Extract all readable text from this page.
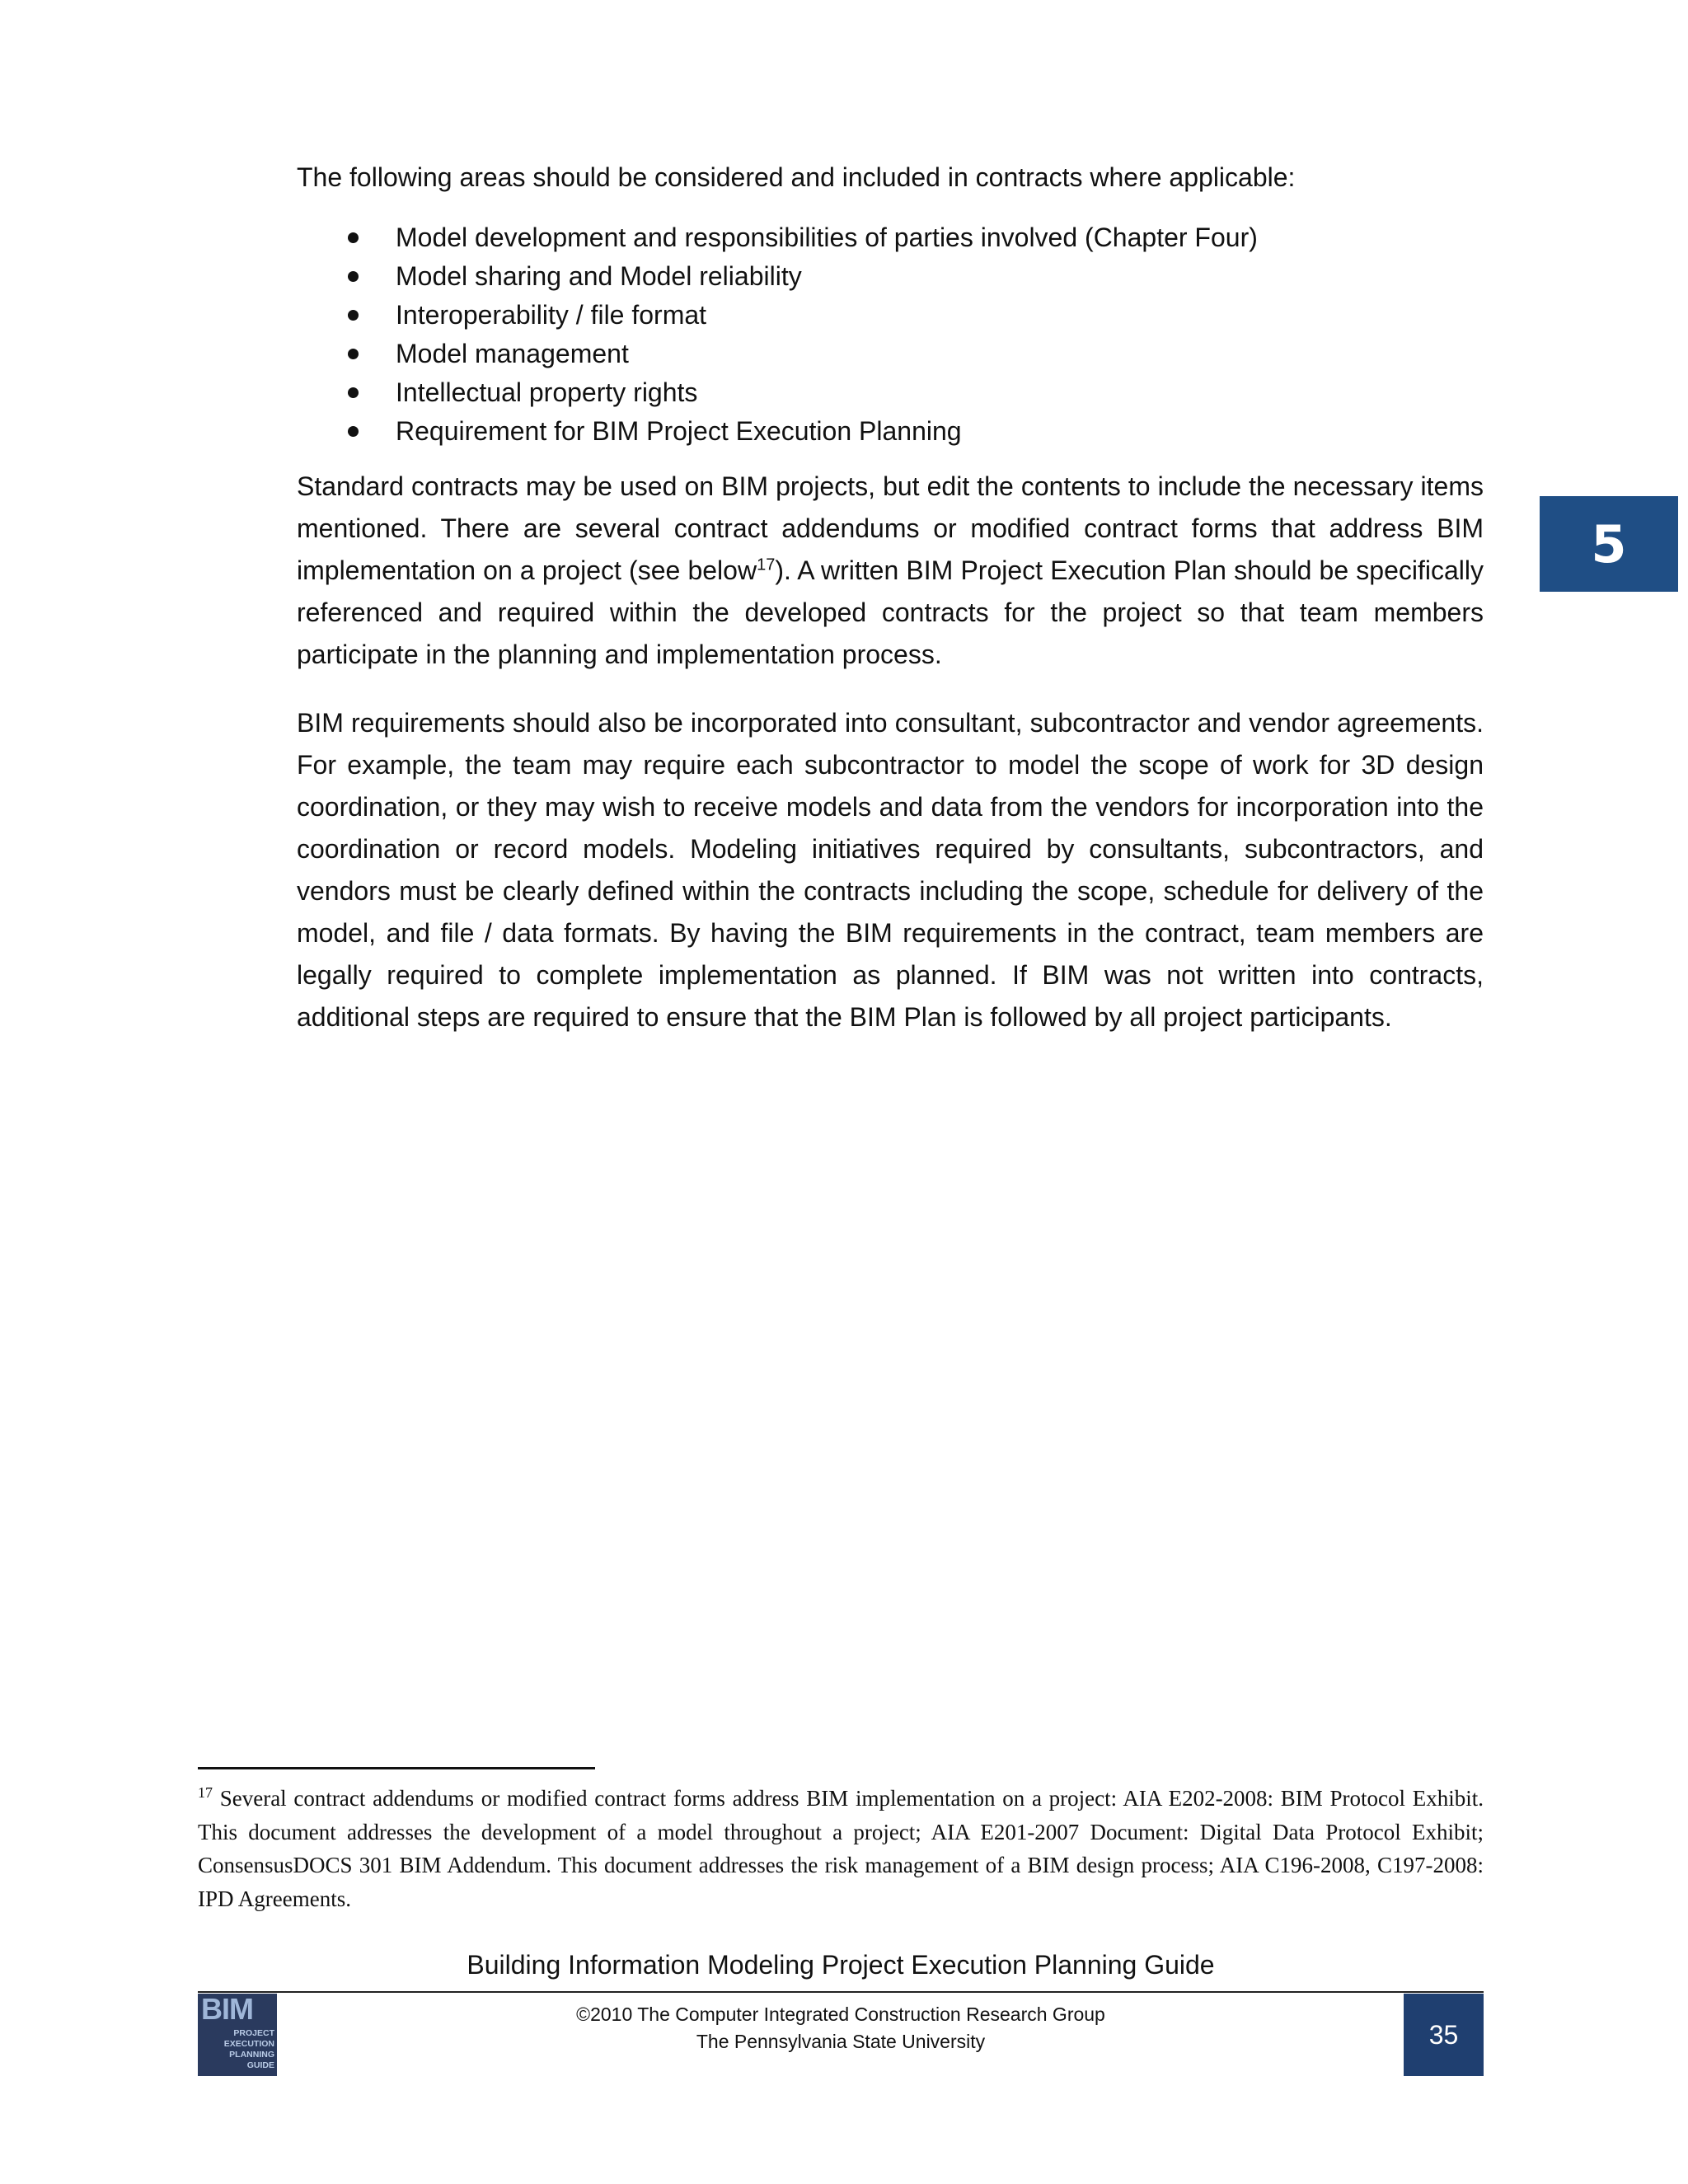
The following areas should be considered and included in contracts where applicable:

Model development and responsibilities of parties involved (Chapter Four)
Model sharing and Model reliability
Interoperability / file format
Model management
Intellectual property rights
Requirement for BIM Project Execution Planning

Standard contracts may be used on BIM projects, but edit the contents to include the necessary items mentioned. There are several contract addendums or modified contract forms that address BIM implementation on a project (see below$^{17}$). A written BIM Project Execution Plan should be specifically referenced and required within the developed contracts for the project so that team members participate in the planning and implementation process.

BIM requirements should also be incorporated into consultant, subcontractor and vendor agreements. For example, the team may require each subcontractor to model the scope of work for 3D design coordination, or they may wish to receive models and data from the vendors for incorporation into the coordination or record models. Modeling initiatives required by consultants, subcontractors, and vendors must be clearly defined within the contracts including the scope, schedule for delivery of the model, and file / data formats. By having the BIM requirements in the contract, team members are legally required to complete implementation as planned. If BIM was not written into contracts, additional steps are required to ensure that the BIM Plan is followed by all project participants.

5

$^{17}$ Several contract addendums or modified contract forms address BIM implementation on a project: AIA E202-2008: BIM Protocol Exhibit. This document addresses the development of a model throughout a project; AIA E201-2007 Document: Digital Data Protocol Exhibit; ConsensusDOCS 301 BIM Addendum. This document addresses the risk management of a BIM design process; AIA C196-2008, C197-2008: IPD Agreements.

Building Information Modeling Project Execution Planning Guide
BIM
PROJECT
EXECUTION
PLANNING
GUIDE
©2010 The Computer Integrated Construction Research Group
The Pennsylvania State University	35
